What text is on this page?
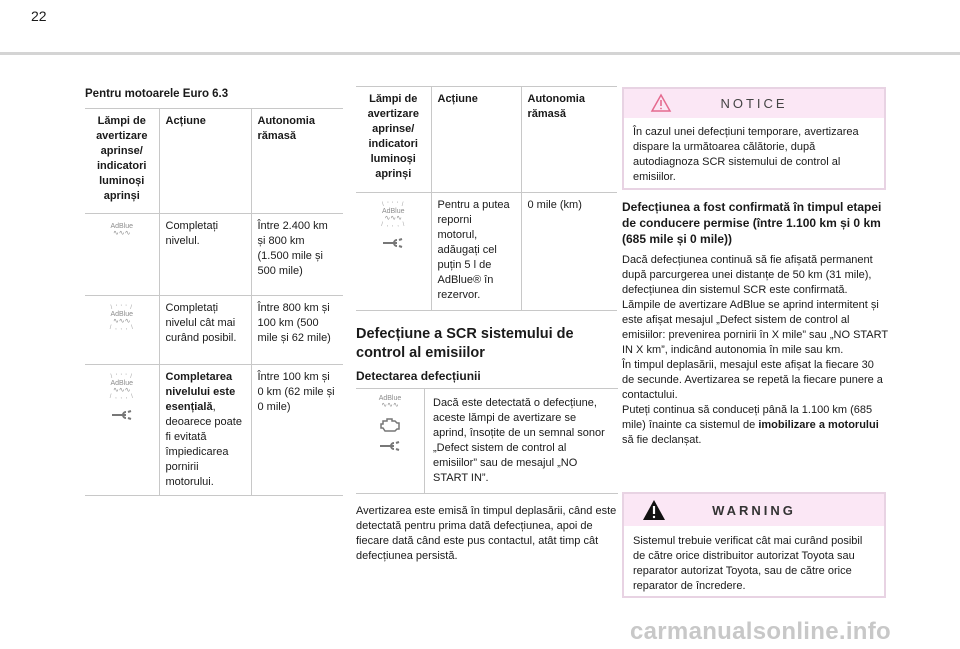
22
Pentru motoarele Euro 6.3
Lămpi de avertizare aprinse/ indicatori luminoși aprinși	Acțiune	Autonomia rămasă

AdBlue
∿∿∿	Completați nivelul.	Între 2.400 km și 800 km (1.500 mile și 500 mile)

\ ' ' ' /
AdBlue
∿∿∿
/ , , , \	Completați nivelul cât mai curând posibil.	Între 800 km și 100 km (500 mile și 62 mile)

\ ' ' ' /
AdBlue
∿∿∿
/ , , , \	Completarea nivelului este esențială, deoarece poate fi evitată împiedicarea pornirii motorului.	Între 100 km și 0 km (62 mile și 0 mile)
Lămpi de avertizare aprinse/ indicatori luminoși aprinși	Acțiune	Autonomia rămasă

\ ' ' ' /
AdBlue
∿∿∿
/ , , , \	Pentru a putea reporni motorul, adăugați cel puțin 5 l de AdBlue® în rezervor.	0 mile (km)
Defecțiune a SCR sistemului de control al emisiilor
Detectarea defecțiunii
AdBlue
∿∿∿	Dacă este detectată o defecțiune, aceste lămpi de avertizare se aprind, însoțite de un semnal sonor „Defect sistem de control al emisiilor” sau de mesajul „NO START IN”.

Avertizarea este emisă în timpul deplasării, când este detectată pentru prima dată defecțiunea, apoi de fiecare dată când este pus contactul, atât timp cât defecțiunea persistă.

NOTICE
În cazul unei defecțiuni temporare, avertizarea dispare la următoarea călătorie, după autodiagnoza SCR sistemului de control al emisiilor.
Defecțiunea a fost confirmată în timpul etapei de conducere permise (între 1.100 km și 0 km (685 mile și 0 mile))
Dacă defecțiunea continuă să fie afișată permanent după parcurgerea unei distanțe de 50 km (31 mile), defecțiunea din sistemul SCR este confirmată.
Lămpile de avertizare AdBlue se aprind intermitent și este afișat mesajul „Defect sistem de control al emisiilor: prevenirea pornirii în X mile” sau „NO START IN X km”, indicând autonomia în mile sau km.
În timpul deplasării, mesajul este afișat la fiecare 30 de secunde. Avertizarea se repetă la fiecare punere a contactului.
Puteți continua să conduceți până la 1.100 km (685 mile) înainte ca sistemul de imobilizare a motorului să fie declanșat.
WARNING
Sistemul trebuie verificat cât mai curând posibil de către orice distribuitor autorizat Toyota sau reparator autorizat Toyota, sau de către orice reparator de încredere.
carmanualsonline.info
